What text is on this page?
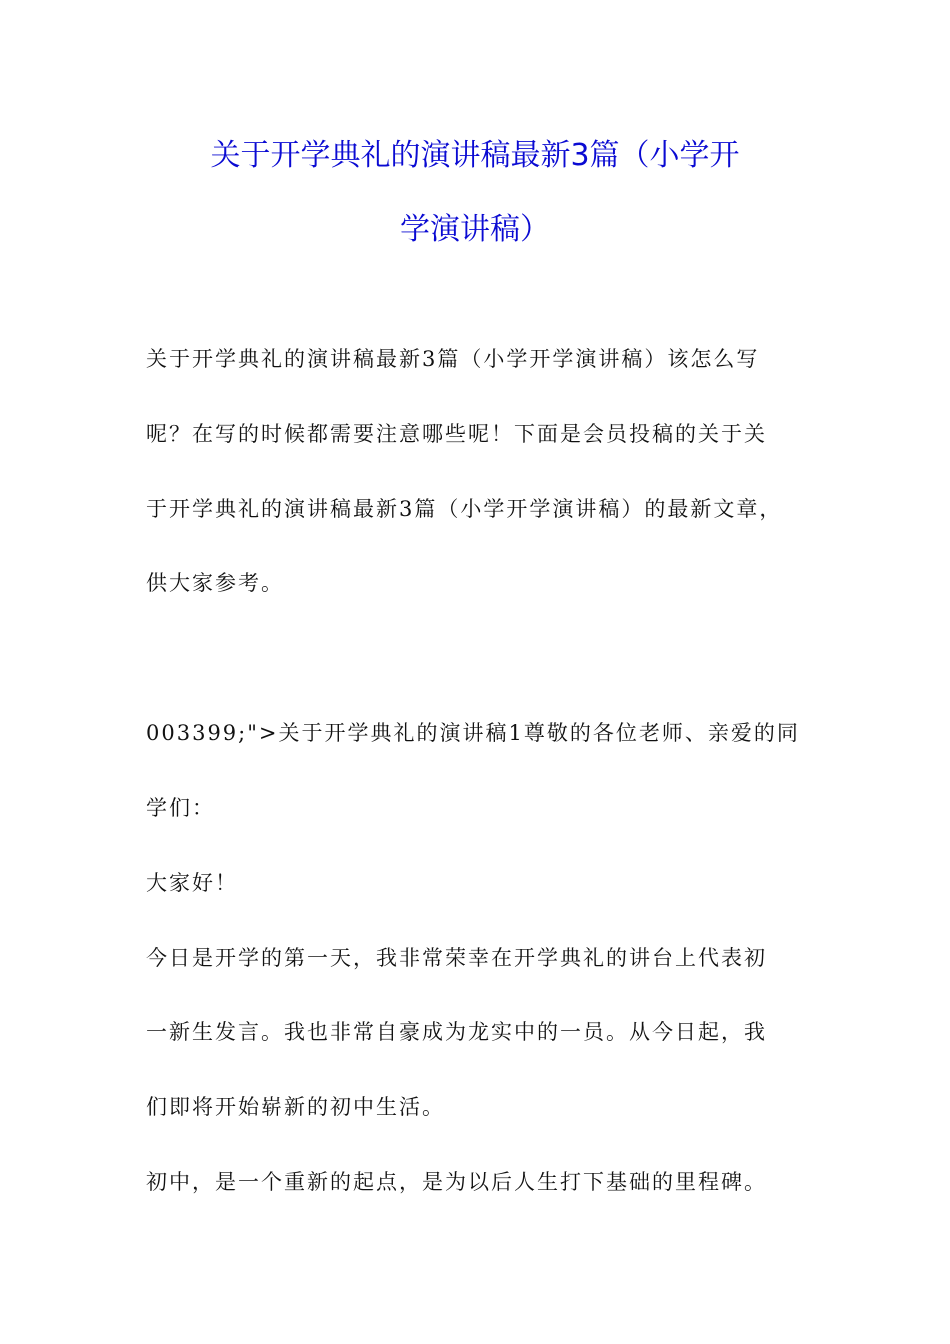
关于开学典礼的演讲稿最新3篇（小学开
学演讲稿）
关于开学典礼的演讲稿最新3篇（小学开学演讲稿）该怎么写
呢？在写的时候都需要注意哪些呢！下面是会员投稿的关于关
于开学典礼的演讲稿最新3篇（小学开学演讲稿）的最新文章，
供大家参考。
003399;">关于开学典礼的演讲稿1尊敬的各位老师、亲爱的同
学们：
大家好！
今日是开学的第一天，我非常荣幸在开学典礼的讲台上代表初
一新生发言。我也非常自豪成为龙实中的一员。从今日起，我
们即将开始崭新的初中生活。
初中，是一个重新的起点，是为以后人生打下基础的里程碑。
